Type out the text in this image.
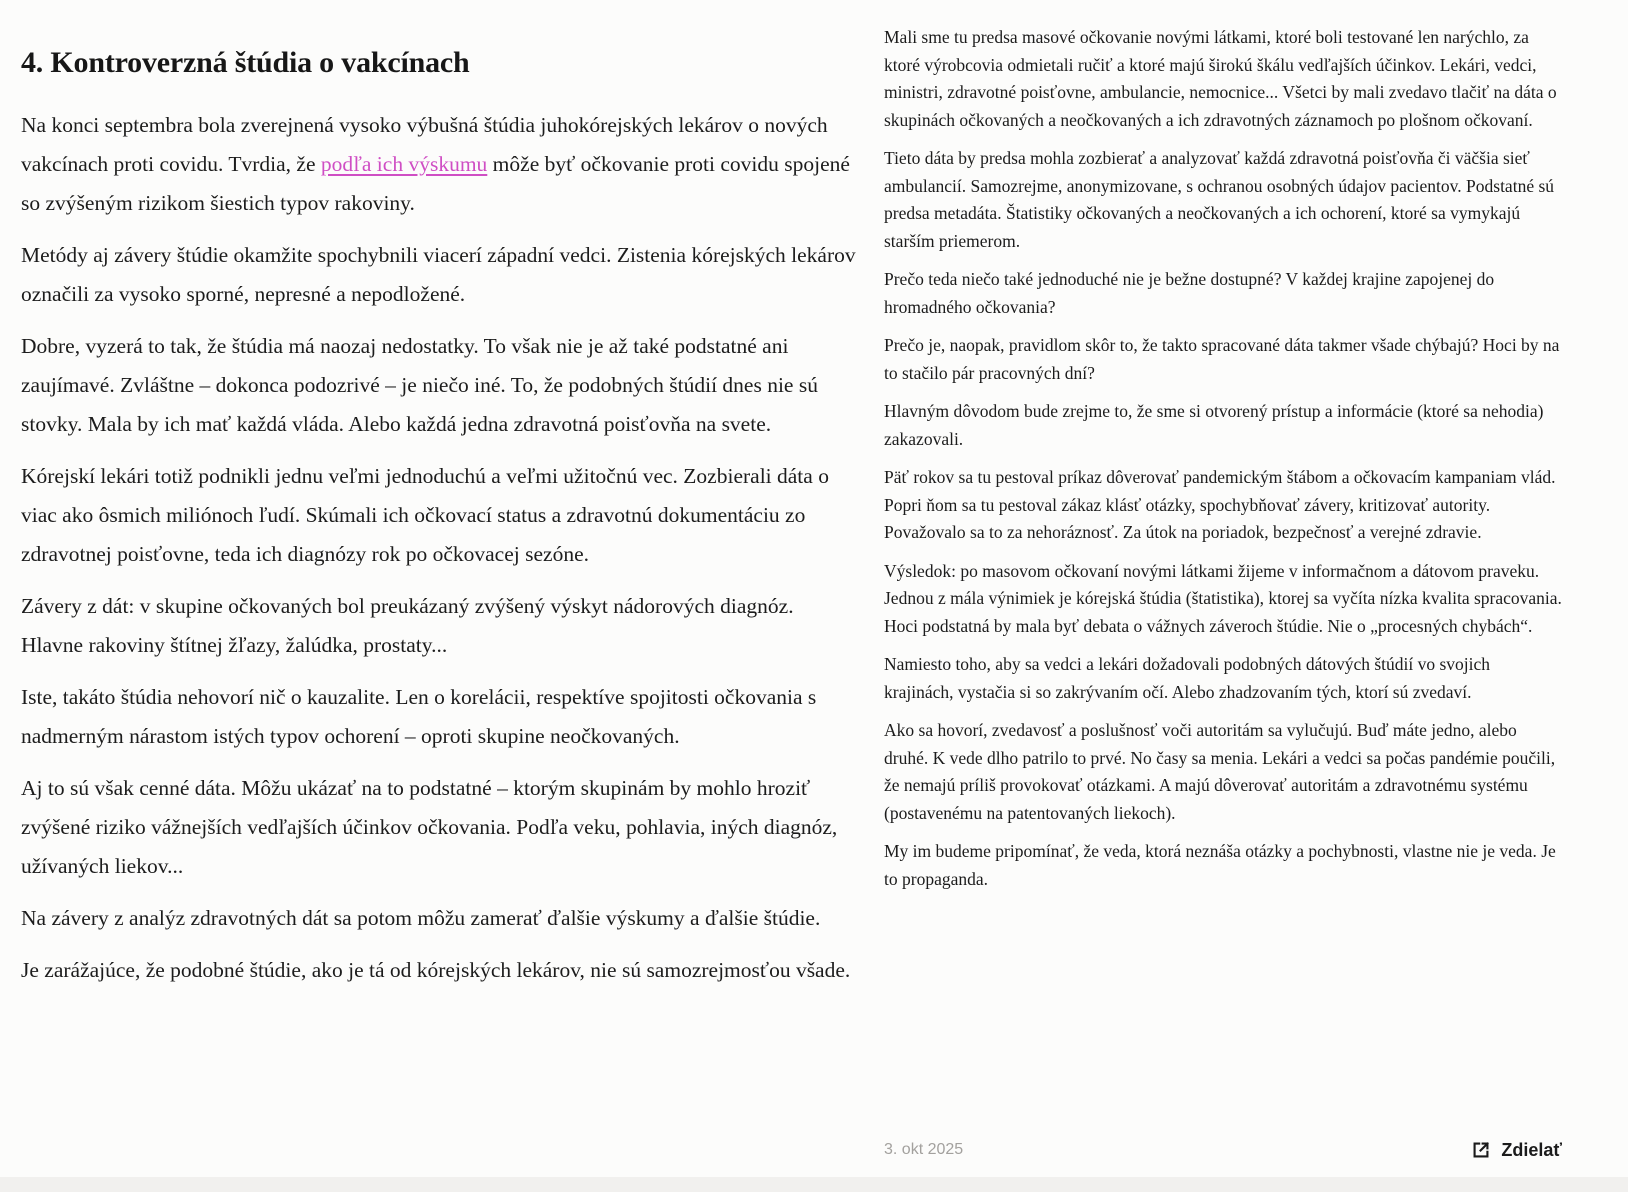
4. Kontroverzná štúdia o vakcínach

Na konci septembra bola zverejnená vysoko výbušná štúdia juhokórejských lekárov o nových vakcínach proti covidu. Tvrdia, že podľa ich výskumu môže byť očkovanie proti covidu spojené so zvýšeným rizikom šiestich typov rakoviny.

Metódy aj závery štúdie okamžite spochybnili viacerí západní vedci. Zistenia kórejských lekárov označili za vysoko sporné, nepresné a nepodložené.

Dobre, vyzerá to tak, že štúdia má naozaj nedostatky. To však nie je až také podstatné ani zaujímavé. Zvláštne – dokonca podozrivé – je niečo iné. To, že podobných štúdií dnes nie sú stovky. Mala by ich mať každá vláda. Alebo každá jedna zdravotná poisťovňa na svete.

Kórejskí lekári totiž podnikli jednu veľmi jednoduchú a veľmi užitočnú vec. Zozbierali dáta o viac ako ôsmich miliónoch ľudí. Skúmali ich očkovací status a zdravotnú dokumentáciu zo zdravotnej poisťovne, teda ich diagnózy rok po očkovacej sezóne.

Závery z dát: v skupine očkovaných bol preukázaný zvýšený výskyt nádorových diagnóz. Hlavne rakoviny štítnej žľazy, žalúdka, prostaty...

Iste, takáto štúdia nehovorí nič o kauzalite. Len o korelácii, respektíve spojitosti očkovania s nadmerným nárastom istých typov ochorení – oproti skupine neočkovaných.

Aj to sú však cenné dáta. Môžu ukázať na to podstatné – ktorým skupinám by mohlo hroziť zvýšené riziko vážnejších vedľajších účinkov očkovania. Podľa veku, pohlavia, iných diagnóz, užívaných liekov...

Na závery z analýz zdravotných dát sa potom môžu zamerať ďalšie výskumy a ďalšie štúdie.

Je zarážajúce, že podobné štúdie, ako je tá od kórejských lekárov, nie sú samozrejmosťou všade.

Mali sme tu predsa masové očkovanie novými látkami, ktoré boli testované len narýchlo, za ktoré výrobcovia odmietali ručiť a ktoré majú širokú škálu vedľajších účinkov. Lekári, vedci, ministri, zdravotné poisťovne, ambulancie, nemocnice... Všetci by mali zvedavo tlačiť na dáta o skupinách očkovaných a neočkovaných a ich zdravotných záznamoch po plošnom očkovaní.

Tieto dáta by predsa mohla zozbierať a analyzovať každá zdravotná poisťovňa či väčšia sieť ambulancií. Samozrejme, anonymizovane, s ochranou osobných údajov pacientov. Podstatné sú predsa metadáta. Štatistiky očkovaných a neočkovaných a ich ochorení, ktoré sa vymykajú starším priemerom.

Prečo teda niečo také jednoduché nie je bežne dostupné? V každej krajine zapojenej do hromadného očkovania?

Prečo je, naopak, pravidlom skôr to, že takto spracované dáta takmer všade chýbajú? Hoci by na to stačilo pár pracovných dní?

Hlavným dôvodom bude zrejme to, že sme si otvorený prístup a informácie (ktoré sa nehodia) zakazovali.

Päť rokov sa tu pestoval príkaz dôverovať pandemickým štábom a očkovacím kampaniam vlád. Popri ňom sa tu pestoval zákaz klásť otázky, spochybňovať závery, kritizovať autority. Považovalo sa to za nehoráznosť. Za útok na poriadok, bezpečnosť a verejné zdravie.

Výsledok: po masovom očkovaní novými látkami žijeme v informačnom a dátovom praveku. Jednou z mála výnimiek je kórejská štúdia (štatistika), ktorej sa vyčíta nízka kvalita spracovania. Hoci podstatná by mala byť debata o vážnych záveroch štúdie. Nie o „procesných chybách“.

Namiesto toho, aby sa vedci a lekári dožadovali podobných dátových štúdií vo svojich krajinách, vystačia si so zakrývaním očí. Alebo zhadzovaním tých, ktorí sú zvedaví.

Ako sa hovorí, zvedavosť a poslušnosť voči autoritám sa vylučujú. Buď máte jedno, alebo druhé. K vede dlho patrilo to prvé. No časy sa menia. Lekári a vedci sa počas pandémie poučili, že nemajú príliš provokovať otázkami. A majú dôverovať autoritám a zdravotnému systému (postavenému na patentovaných liekoch).

My im budeme pripomínať, že veda, ktorá neznáša otázky a pochybnosti, vlastne nie je veda. Je to propaganda.

3. okt 2025	Zdielať
